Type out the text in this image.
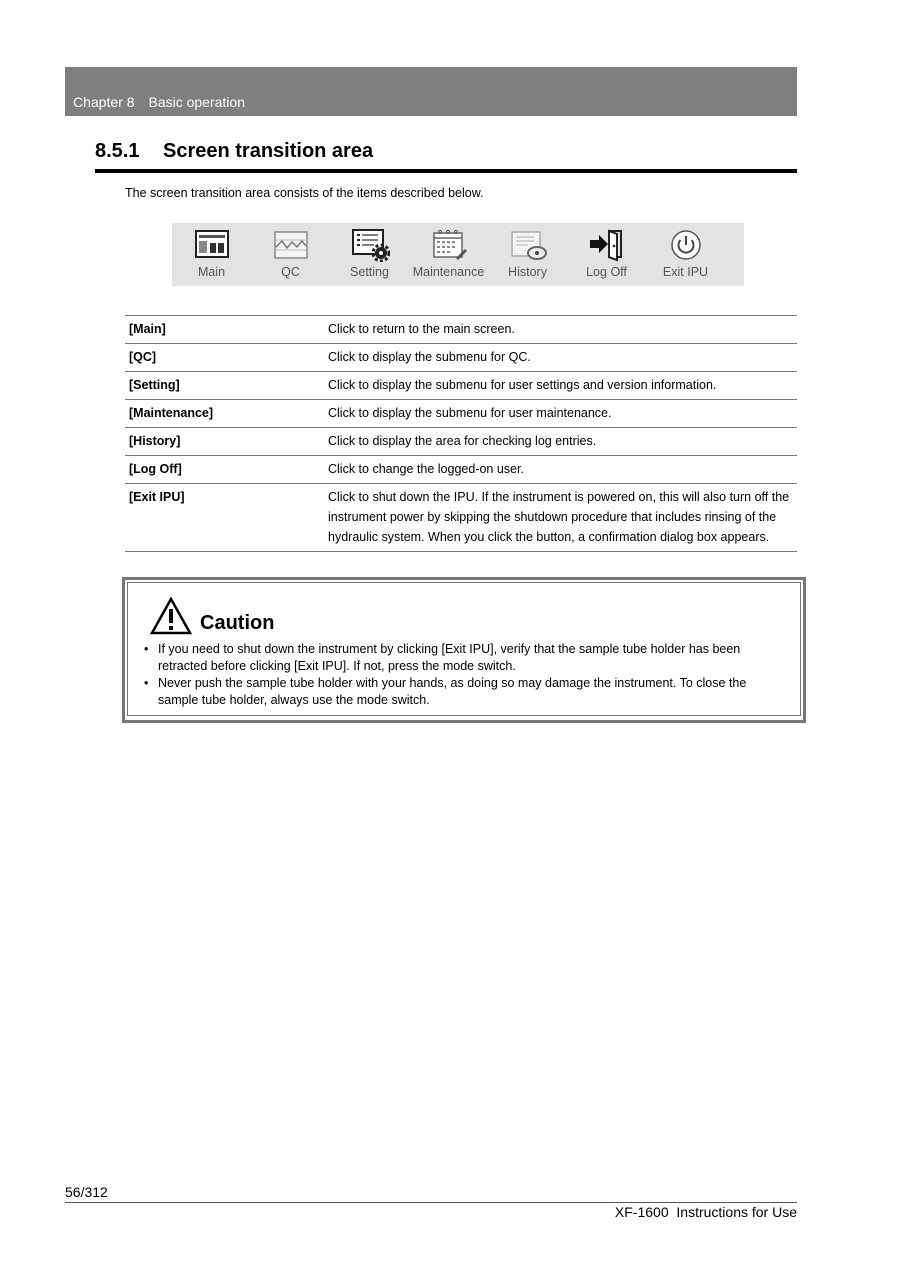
Chapter 8 Basic operation
8.5.1 Screen transition area
The screen transition area consists of the items described below.
Main	QC	Setting Maintenance History	Log Off	Exit IPU
[Main]	Click to return to the main screen.
[QC]	Click to display the submenu for QC.
[Setting]	Click to display the submenu for user settings and version information.
[Maintenance]	Click to display the submenu for user maintenance.
[History]	Click to display the area for checking log entries.
[Log Off]	Click to change the logged-on user.
[Exit IPU]	Click to shut down the IPU. If the instrument is powered on, this will also turn off the instrument power by skipping the shutdown procedure that includes rinsing of the hydraulic system. When you click the button, a confirmation dialog box appears.
Caution
• If you need to shut down the instrument by clicking [Exit IPU], verify that the sample tube holder has been retracted before clicking [Exit IPU]. If not, press the mode switch.
• Never push the sample tube holder with your hands, as doing so may damage the instrument. To close the sample tube holder, always use the mode switch.
56/312
XF-1600  Instructions for Use
